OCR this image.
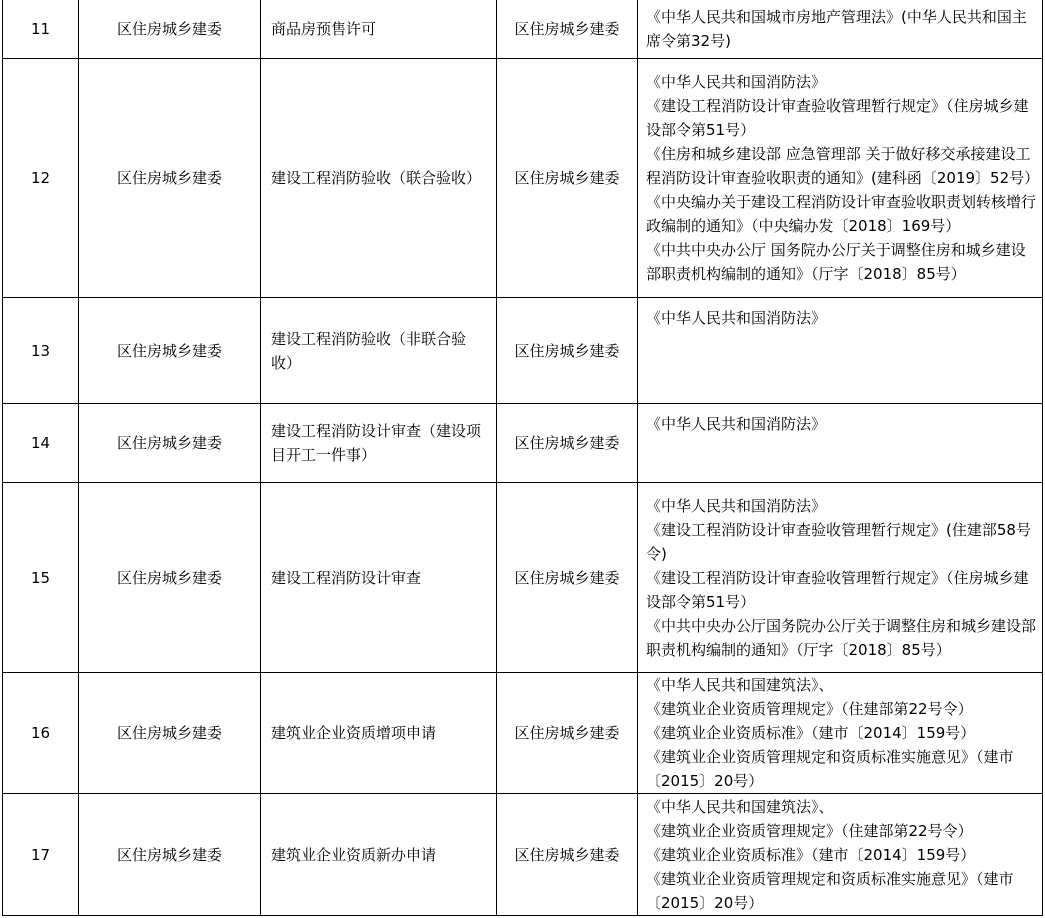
11	区住房城乡建委	商品房预售许可	区住房城乡建委	《中华人民共和国城市房地产管理法》(中华人民共和国主席令第32号)

12	区住房城乡建委	建设工程消防验收（联合验收）	区住房城乡建委	《中华人民共和国消防法》
《建设工程消防设计审查验收管理暂行规定》（住房城乡建设部令第51号）
《住房和城乡建设部 应急管理部 关于做好移交承接建设工程消防设计审查验收职责的通知》(建科函〔2019〕52号）
《中央编办关于建设工程消防设计审查验收职责划转核增行政编制的通知》（中央编办发〔2018〕169号）
《中共中央办公厅 国务院办公厅关于调整住房和城乡建设部职责机构编制的通知》（厅字〔2018〕85号）

13	区住房城乡建委	建设工程消防验收（非联合验收）	区住房城乡建委	《中华人民共和国消防法》

14	区住房城乡建委	建设工程消防设计审查（建设项目开工一件事）	区住房城乡建委	《中华人民共和国消防法》

15	区住房城乡建委	建设工程消防设计审查	区住房城乡建委	《中华人民共和国消防法》
《建设工程消防设计审查验收管理暂行规定》(住建部58号令)
《建设工程消防设计审查验收管理暂行规定》（住房城乡建设部令第51号）
《中共中央办公厅国务院办公厅关于调整住房和城乡建设部职责机构编制的通知》（厅字〔2018〕85号）

16	区住房城乡建委	建筑业企业资质增项申请	区住房城乡建委	《中华人民共和国建筑法》、
《建筑业企业资质管理规定》（住建部第22号令）
《建筑业企业资质标准》（建市〔2014〕159号）
《建筑业企业资质管理规定和资质标准实施意见》（建市〔2015〕20号）

17	区住房城乡建委	建筑业企业资质新办申请	区住房城乡建委	《中华人民共和国建筑法》、
《建筑业企业资质管理规定》（住建部第22号令）
《建筑业企业资质标准》（建市〔2014〕159号）
《建筑业企业资质管理规定和资质标准实施意见》（建市〔2015〕20号）
